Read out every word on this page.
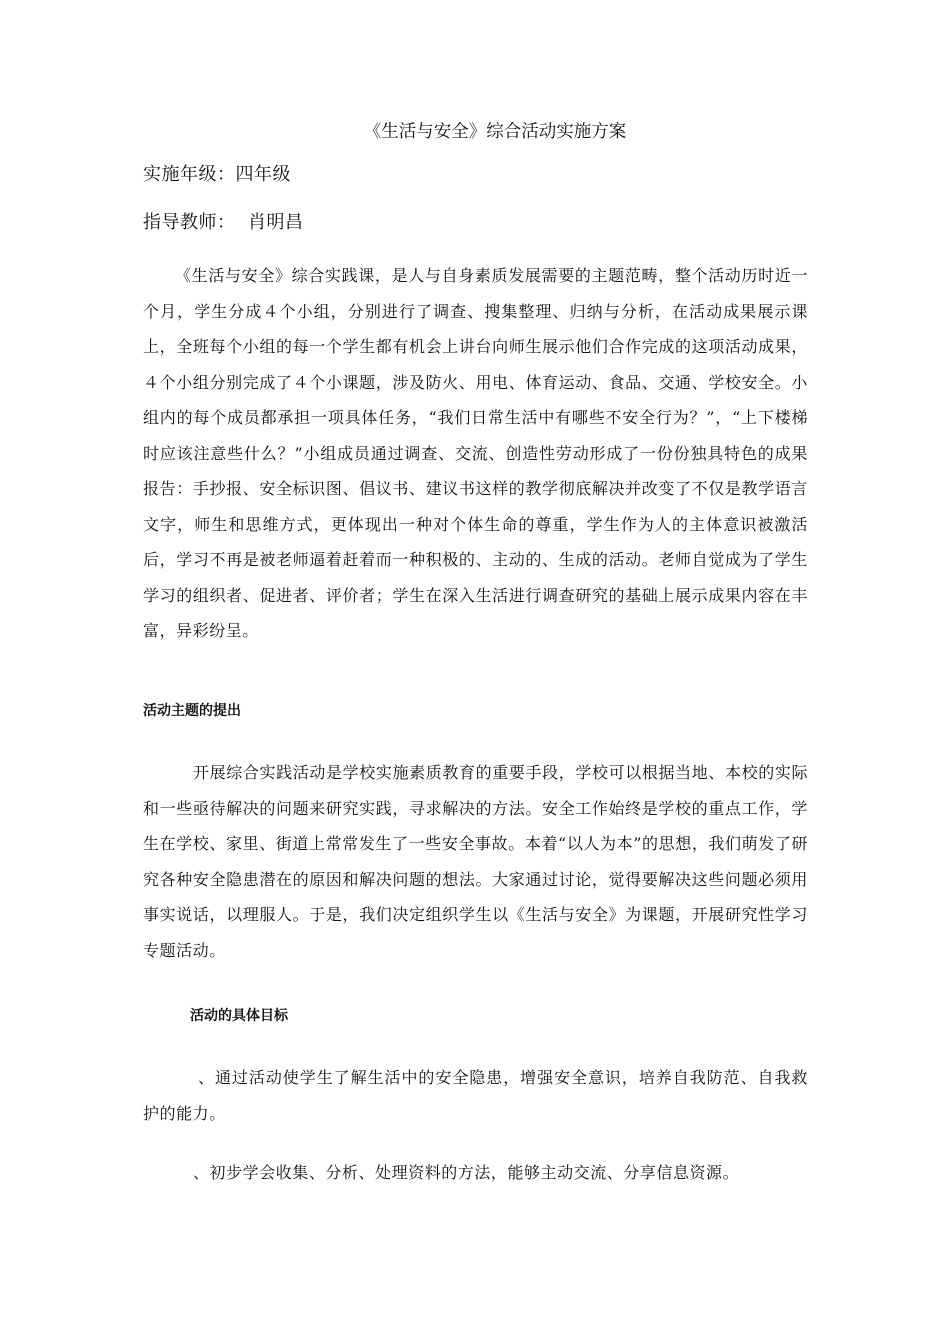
《生活与安全》综合活动实施方案
实施年级：四年级
指导教师：  肖明昌

《生活与安全》综合实践课，是人与自身素质发展需要的主题范畴，整个活动历时近一个月，学生分成４个小组，分别进行了调查、搜集整理、归纳与分析，在活动成果展示课上，全班每个小组的每一个学生都有机会上讲台向师生展示他们合作完成的这项活动成果，４个小组分别完成了４个小课题，涉及防火、用电、体育运动、食品、交通、学校安全。小组内的每个成员都承担一项具体任务，“我们日常生活中有哪些不安全行为？”，“上下楼梯时应该注意些什么？”小组成员通过调查、交流、创造性劳动形成了一份份独具特色的成果报告：手抄报、安全标识图、倡议书、建议书这样的教学彻底解决并改变了不仅是教学语言文字，师生和思维方式，更体现出一种对个体生命的尊重，学生作为人的主体意识被激活后，学习不再是被老师逼着赶着而一种积极的、主动的、生成的活动。老师自觉成为了学生学习的组织者、促进者、评价者；学生在深入生活进行调查研究的基础上展示成果内容在丰富，异彩纷呈。

活动主题的提出

开展综合实践活动是学校实施素质教育的重要手段，学校可以根据当地、本校的实际和一些亟待解决的问题来研究实践，寻求解决的方法。安全工作始终是学校的重点工作，学生在学校、家里、街道上常常发生了一些安全事故。本着“以人为本”的思想，我们萌发了研究各种安全隐患潜在的原因和解决问题的想法。大家通过讨论，觉得要解决这些问题必须用事实说话，以理服人。于是，我们决定组织学生以《生活与安全》为课题，开展研究性学习专题活动。

活动的具体目标

、通过活动使学生了解生活中的安全隐患，增强安全意识，培养自我防范、自我救护的能力。

、初步学会收集、分析、处理资料的方法，能够主动交流、分享信息资源。
